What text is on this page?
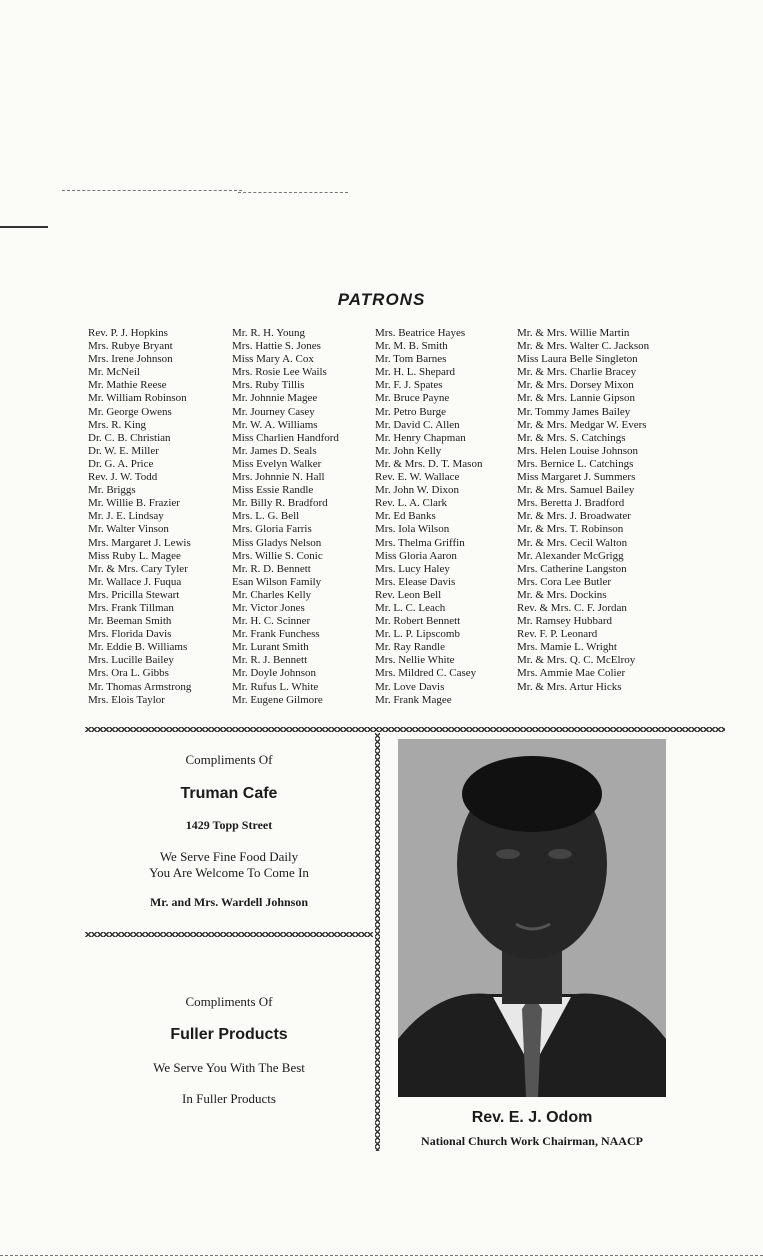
PATRONS
Rev. P. J. Hopkins
Mrs. Rubye Bryant
Mrs. Irene Johnson
Mr. McNeil
Mr. Mathie Reese
Mr. William Robinson
Mr. George Owens
Mrs. R. King
Dr. C. B. Christian
Dr. W. E. Miller
Dr. G. A. Price
Rev. J. W. Todd
Mr. Briggs
Mr. Willie B. Frazier
Mr. J. E. Lindsay
Mr. Walter Vinson
Mrs. Margaret J. Lewis
Miss Ruby L. Magee
Mr. & Mrs. Cary Tyler
Mr. Wallace J. Fuqua
Mrs. Pricilla Stewart
Mrs. Frank Tillman
Mr. Beeman Smith
Mrs. Florida Davis
Mr. Eddie B. Williams
Mrs. Lucille Bailey
Mrs. Ora L. Gibbs
Mr. Thomas Armstrong
Mrs. Elois Taylor
Mr. R. H. Young
Mrs. Hattie S. Jones
Miss Mary A. Cox
Mrs. Rosie Lee Wails
Mrs. Ruby Tillis
Mr. Johnnie Magee
Mr. Journey Casey
Mr. W. A. Williams
Miss Charlien Handford
Mr. James D. Seals
Miss Evelyn Walker
Mrs. Johnnie N. Hall
Miss Essie Randle
Mr. Billy R. Bradford
Mrs. L. G. Bell
Mrs. Gloria Farris
Miss Gladys Nelson
Mrs. Willie S. Conic
Mr. R. D. Bennett
Esan Wilson Family
Mr. Charles Kelly
Mr. Victor Jones
Mr. H. C. Scinner
Mr. Frank Funchess
Mr. Lurant Smith
Mr. R. J. Bennett
Mr. Doyle Johnson
Mr. Rufus L. White
Mr. Eugene Gilmore
Mrs. Beatrice Hayes
Mr. M. B. Smith
Mr. Tom Barnes
Mr. H. L. Shepard
Mr. F. J. Spates
Mr. Bruce Payne
Mr. Petro Burge
Mr. David C. Allen
Mr. Henry Chapman
Mr. John Kelly
Mr. & Mrs. D. T. Mason
Rev. E. W. Wallace
Mr. John W. Dixon
Rev. L. A. Clark
Mr. Ed Banks
Mrs. Iola Wilson
Mrs. Thelma Griffin
Miss Gloria Aaron
Mrs. Lucy Haley
Mrs. Elease Davis
Rev. Leon Bell
Mr. L. C. Leach
Mr. Robert Bennett
Mr. L. P. Lipscomb
Mr. Ray Randle
Mrs. Nellie White
Mrs. Mildred C. Casey
Mr. Love Davis
Mr. Frank Magee
Mr. & Mrs. Willie Martin
Mr. & Mrs. Walter C. Jackson
Miss Laura Belle Singleton
Mr. & Mrs. Charlie Bracey
Mr. & Mrs. Dorsey Mixon
Mr. & Mrs. Lannie Gipson
Mr. Tommy James Bailey
Mr. & Mrs. Medgar W. Evers
Mr. & Mrs. S. Catchings
Mrs. Helen Louise Johnson
Mrs. Bernice L. Catchings
Miss Margaret J. Summers
Mr. & Mrs. Samuel Bailey
Mrs. Beretta J. Bradford
Mr. & Mrs. J. Broadwater
Mr. & Mrs. T. Robinson
Mr. & Mrs. Cecil Walton
Mr. Alexander McGrigg
Mrs. Catherine Langston
Mrs. Cora Lee Butler
Mr. & Mrs. Dockins
Rev. & Mrs. C. F. Jordan
Mr. Ramsey Hubbard
Rev. F. P. Leonard
Mrs. Mamie L. Wright
Mr. & Mrs. Q. C. McElroy
Mrs. Ammie Mae Colier
Mr. & Mrs. Artur Hicks
Compliments Of
Truman Cafe
1429 Topp Street
We Serve Fine Food Daily
You Are Welcome To Come In
Mr. and Mrs. Wardell Johnson
Compliments Of
Fuller Products
We Serve You With The Best
In Fuller Products
Rev. E. J. Odom
National Church Work Chairman, NAACP
